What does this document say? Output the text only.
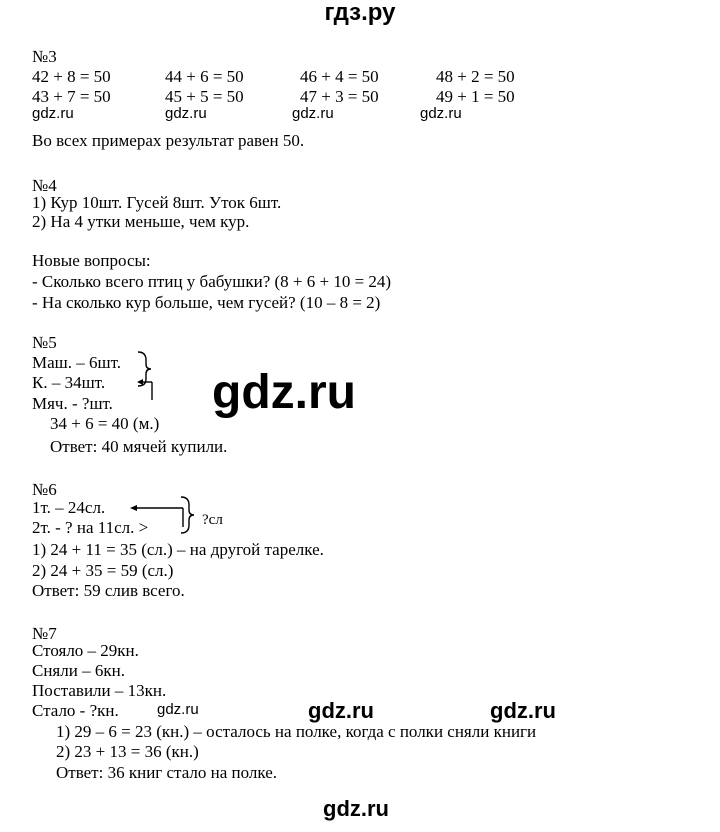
гдз.ру
№3
42 + 8 = 50	44 + 6 = 50	46 + 4 = 50	48 + 2 = 50
43 + 7 = 50	45 + 5 = 50	47 + 3 = 50	49 + 1 = 50
gdz.ru	gdz.ru	gdz.ru	gdz.ru
Во всех примерах результат равен 50.
№4
1) Кур 10шт. Гусей 8шт. Уток 6шт.
2) На 4 утки меньше, чем кур.
Новые вопросы:
- Сколько всего птиц у бабушки? (8 + 6 + 10 = 24)
- На сколько кур больше, чем гусей? (10 – 8 = 2)
№5
Маш. – 6шт.
К. – 34шт.
Мяч. - ?шт.
34 + 6 = 40 (м.)
Ответ: 40 мячей купили.
gdz.ru
№6
1т. – 24сл.
2т. - ? на 11сл. >	?сл
1) 24 + 11 = 35 (сл.) – на другой тарелке.
2) 24 + 35 = 59 (сл.)
Ответ: 59 слив всего.
№7
Стояло – 29кн.
Сняли – 6кн.
Поставили – 13кн.
Стало - ?кн.	gdz.ru	gdz.ru	gdz.ru
1) 29 – 6 = 23 (кн.) – осталось на полке, когда с полки сняли книги
2) 23 + 13 = 36 (кн.)
Ответ: 36 книг стало на полке.
gdz.ru
